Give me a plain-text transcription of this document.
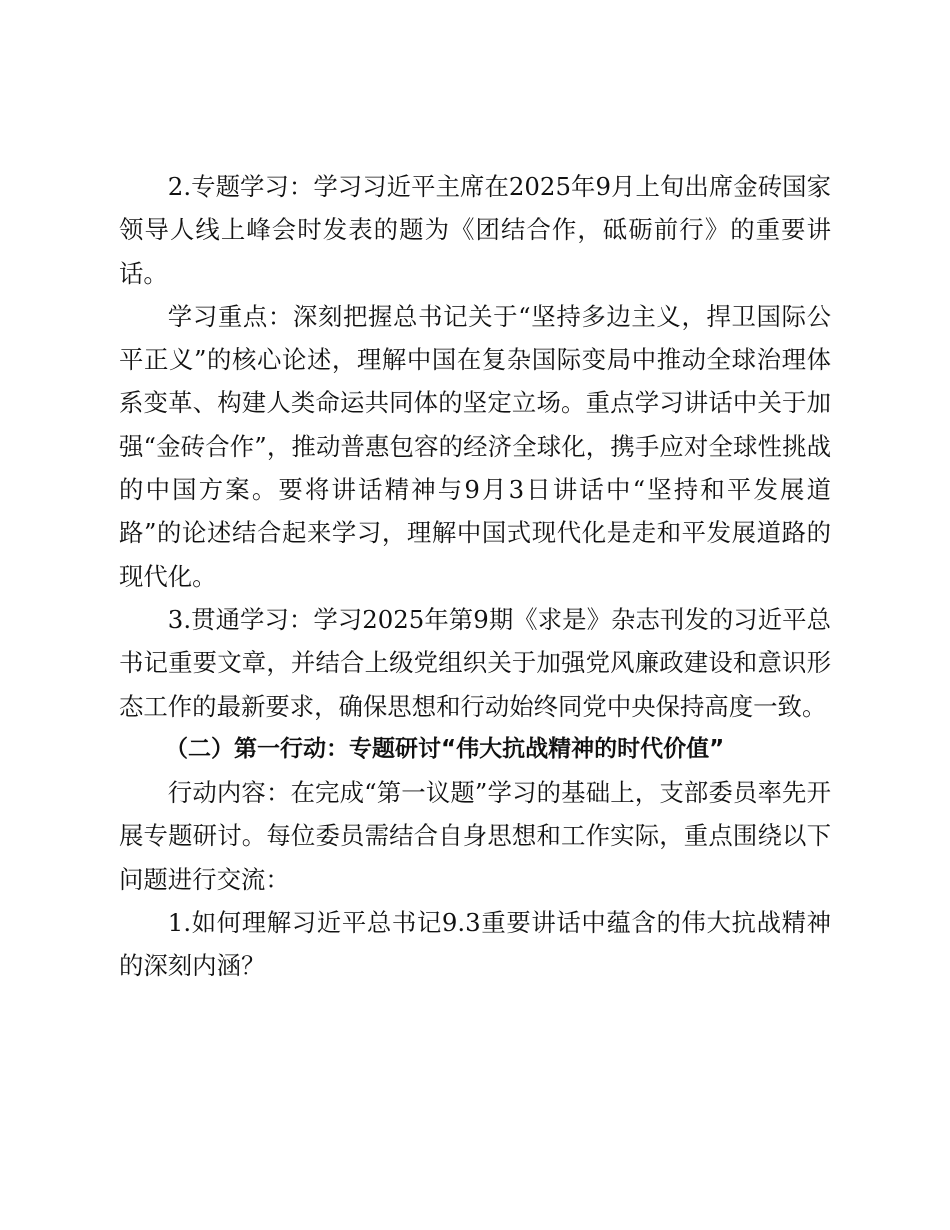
2.专题学习：学习习近平主席在2025年9月上旬出席金砖国家领导人线上峰会时发表的题为《团结合作，砥砺前行》的重要讲话。

学习重点：深刻把握总书记关于“坚持多边主义，捍卫国际公平正义”的核心论述，理解中国在复杂国际变局中推动全球治理体系变革、构建人类命运共同体的坚定立场。重点学习讲话中关于加强“金砖合作”，推动普惠包容的经济全球化，携手应对全球性挑战的中国方案。要将讲话精神与9月3日讲话中“坚持和平发展道路”的论述结合起来学习，理解中国式现代化是走和平发展道路的现代化。

3.贯通学习：学习2025年第9期《求是》杂志刊发的习近平总书记重要文章，并结合上级党组织关于加强党风廉政建设和意识形态工作的最新要求，确保思想和行动始终同党中央保持高度一致。

（二）第一行动：专题研讨“伟大抗战精神的时代价值”

行动内容：在完成“第一议题”学习的基础上，支部委员率先开展专题研讨。每位委员需结合自身思想和工作实际，重点围绕以下问题进行交流：

1.如何理解习近平总书记9.3重要讲话中蕴含的伟大抗战精神的深刻内涵？
